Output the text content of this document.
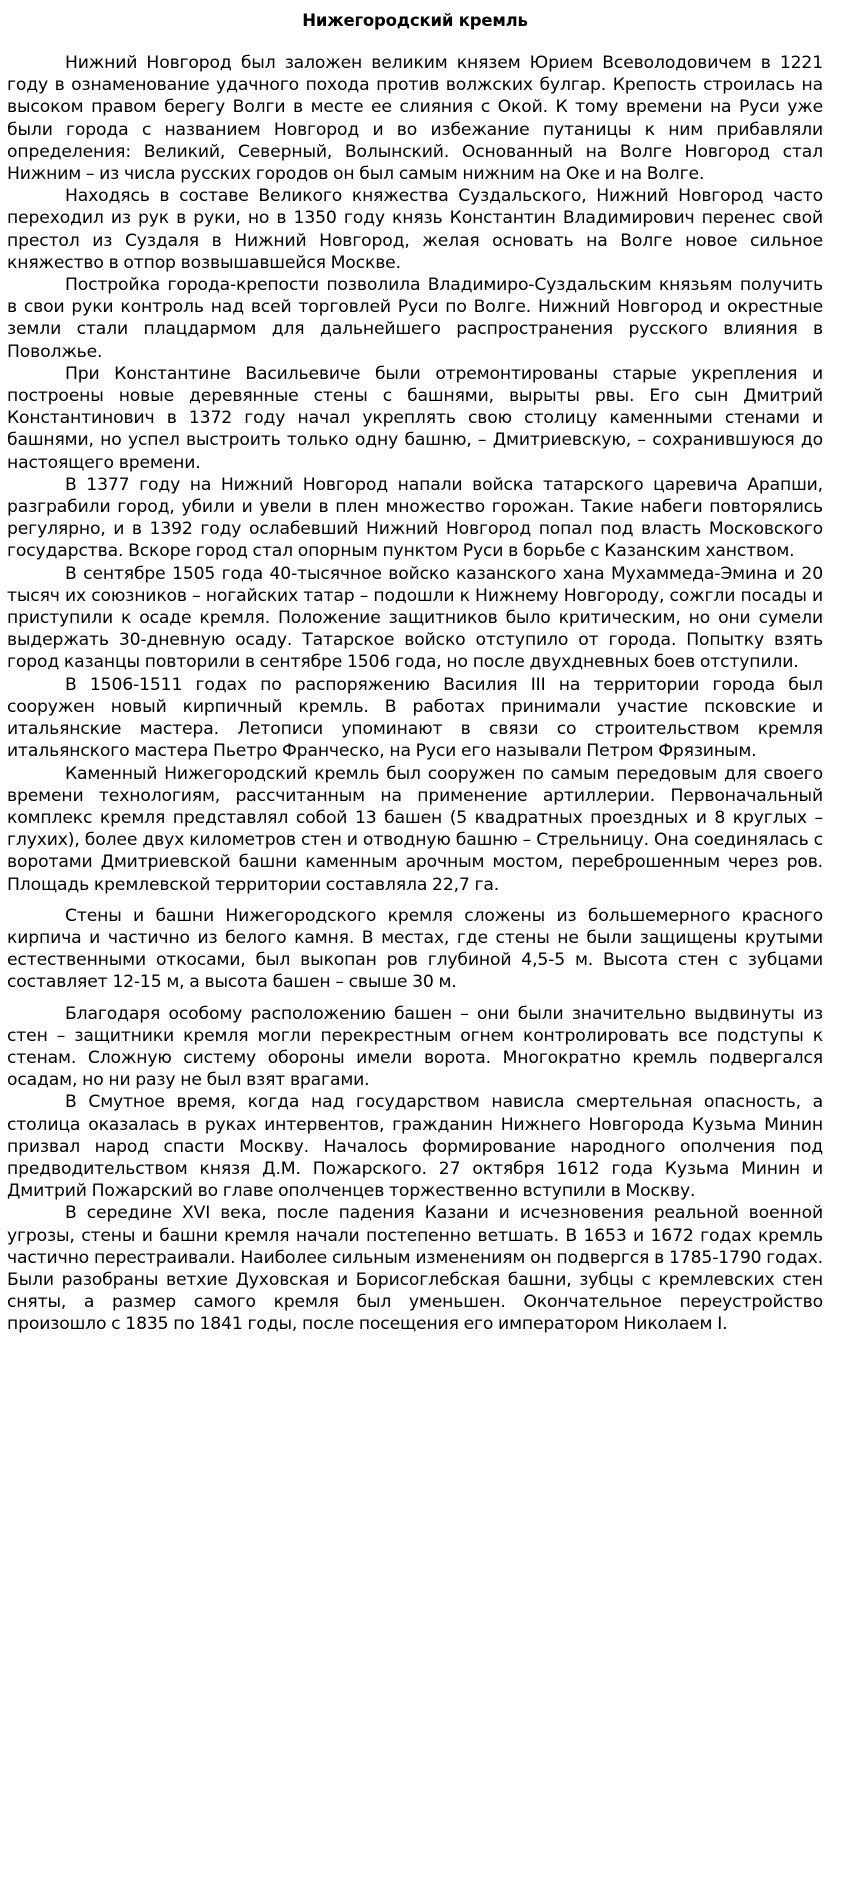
Нижегородский кремль

Нижний Новгород был заложен великим князем Юрием Всеволодовичем в 1221 году в ознаменование удачного похода против волжских булгар. Крепость строилась на высоком правом берегу Волги в месте ее слияния с Окой. К тому времени на Руси уже были города с названием Новгород и во избежание путаницы к ним прибавляли определения: Великий, Северный, Волынский. Основанный на Волге Новгород стал Нижним – из числа русских городов он был самым нижним на Оке и на Волге.

Находясь в составе Великого княжества Суздальского, Нижний Новгород часто переходил из рук в руки, но в 1350 году князь Константин Владимирович перенес свой престол из Суздаля в Нижний Новгород, желая основать на Волге новое сильное княжество в отпор возвышавшейся Москве.

Постройка города-крепости позволила Владимиро-Суздальским князьям получить в свои руки контроль над всей торговлей Руси по Волге. Нижний Новгород и окрестные земли стали плацдармом для дальнейшего распространения русского влияния в Поволжье.

При Константине Васильевиче были отремонтированы старые укрепления и построены новые деревянные стены с башнями, вырыты рвы. Его сын Дмитрий Константинович в 1372 году начал укреплять свою столицу каменными стенами и башнями, но успел выстроить только одну башню, – Дмитриевскую, – сохранившуюся до настоящего времени.

В 1377 году на Нижний Новгород напали войска татарского царевича Арапши, разграбили город, убили и увели в плен множество горожан. Такие набеги повторялись регулярно, и в 1392 году ослабевший Нижний Новгород попал под власть Московского государства. Вскоре город стал опорным пунктом Руси в борьбе с Казанским ханством.

В сентябре 1505 года 40-тысячное войско казанского хана Мухаммеда-Эмина и 20 тысяч их союзников – ногайских татар – подошли к Нижнему Новгороду, сожгли посады и приступили к осаде кремля. Положение защитников было критическим, но они сумели выдержать 30-дневную осаду. Татарское войско отступило от города. Попытку взять город казанцы повторили в сентябре 1506 года, но после двухдневных боев отступили.

В 1506-1511 годах по распоряжению Василия III на территории города был сооружен новый кирпичный кремль. В работах принимали участие псковские и итальянские мастера. Летописи упоминают в связи со строительством кремля итальянского мастера Пьетро Франческо, на Руси его называли Петром Фрязиным.

Каменный Нижегородский кремль был сооружен по самым передовым для своего времени технологиям, рассчитанным на применение артиллерии. Первоначальный комплекс кремля представлял собой 13 башен (5 квадратных проездных и 8 круглых – глухих), более двух километров стен и отводную башню – Стрельницу. Она соединялась с воротами Дмитриевской башни каменным арочным мостом, переброшенным через ров. Площадь кремлевской территории составляла 22,7 га.

Стены и башни Нижегородского кремля сложены из большемерного красного кирпича и частично из белого камня. В местах, где стены не были защищены крутыми естественными откосами, был выкопан ров глубиной 4,5-5 м. Высота стен с зубцами составляет 12-15 м, а высота башен – свыше 30 м.

Благодаря особому расположению башен – они были значительно выдвинуты из стен – защитники кремля могли перекрестным огнем контролировать все подступы к стенам. Сложную систему обороны имели ворота. Многократно кремль подвергался осадам, но ни разу не был взят врагами.

В Смутное время, когда над государством нависла смертельная опасность, а столица оказалась в руках интервентов, гражданин Нижнего Новгорода Кузьма Минин призвал народ спасти Москву. Началось формирование народного ополчения под предводительством князя Д.М. Пожарского. 27 октября 1612 года Кузьма Минин и Дмитрий Пожарский во главе ополченцев торжественно вступили в Москву.

В середине XVI века, после падения Казани и исчезновения реальной военной угрозы, стены и башни кремля начали постепенно ветшать. В 1653 и 1672 годах кремль частично перестраивали. Наиболее сильным изменениям он подвергся в 1785-1790 годах. Были разобраны ветхие Духовская и Борисоглебская башни, зубцы с кремлевских стен сняты, а размер самого кремля был уменьшен. Окончательное переустройство произошло с 1835 по 1841 годы, после посещения его императором Николаем I.
